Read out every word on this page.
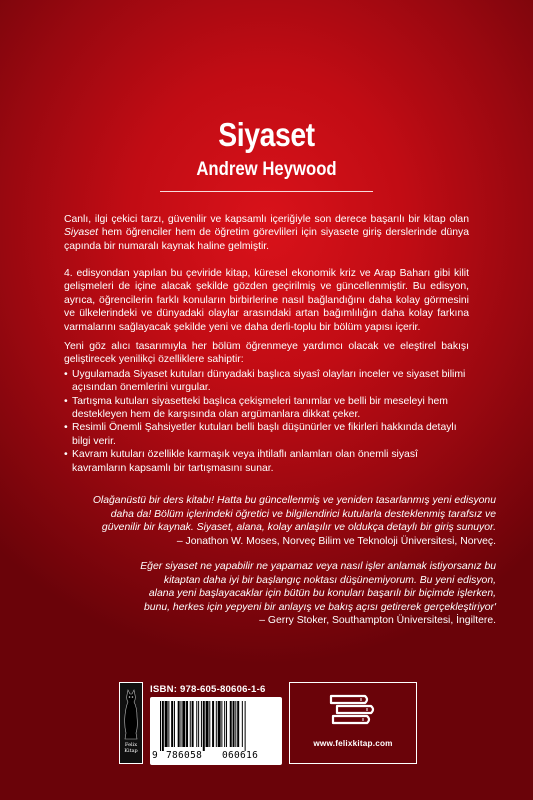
Siyaset
Andrew Heywood

Canlı, ilgi çekici tarzı, güvenilir ve kapsamlı içeriğiyle son derece başarılı bir kitap olan Siyaset hem öğrenciler hem de öğretim görevlileri için siyasete giriş derslerinde dünya çapında bir numaralı kaynak haline gelmiştir.

4. edisyondan yapılan bu çeviride kitap, küresel ekonomik kriz ve Arap Baharı gibi kilit gelişmeleri de içine alacak şekilde gözden geçirilmiş ve güncellenmiştir. Bu edisyon, ayrıca, öğrencilerin farklı konuların birbirlerine nasıl bağlandığını daha kolay görmesini ve ülkelerindeki ve dünyadaki olaylar arasındaki artan bağımlılığın daha kolay farkına varmalarını sağlayacak şekilde yeni ve daha derli-toplu bir bölüm yapısı içerir.

Yeni göz alıcı tasarımıyla her bölüm öğrenmeye yardımcı olacak ve eleştirel bakışı geliştirecek yenilikçi özelliklere sahiptir:

• Uygulamada Siyaset kutuları dünyadaki başlıca siyasî olayları inceler ve siyaset bilimi açısından önemlerini vurgular.
• Tartışma kutuları siyasetteki başlıca çekişmeleri tanımlar ve belli bir meseleyi hem destekleyen hem de karşısında olan argümanlara dikkat çeker.
• Resimli Önemli Şahsiyetler kutuları belli başlı düşünürler ve fikirleri hakkında detaylı bilgi verir.
• Kavram kutuları özellikle karmaşık veya ihtilaflı anlamları olan önemli siyasî kavramların kapsamlı bir tartışmasını sunar.
Olağanüstü bir ders kitabı! Hatta bu güncellenmiş ve yeniden tasarlanmış yeni edisyonu
daha da! Bölüm içlerindeki öğretici ve bilgilendirici kutularla desteklenmiş tarafsız ve
güvenilir bir kaynak. Siyaset, alana, kolay anlaşılır ve oldukça detaylı bir giriş sunuyor.
– Jonathon W. Moses, Norveç Bilim ve Teknoloji Üniversitesi, Norveç.
Eğer siyaset ne yapabilir ne yapamaz veya nasıl işler anlamak istiyorsanız bu
kitaptan daha iyi bir başlangıç noktası düşünemiyorum. Bu yeni edisyon,
alana yeni başlayacaklar için bütün bu konuları başarılı bir biçimde işlerken,
bunu, herkes için yepyeni bir anlayış ve bakış açısı getirerek gerçekleştiriyor'
– Gerry Stoker, Southampton Üniversitesi, İngiltere.
Felix
Kitap
ISBN: 978-605-80606-1-6
9 786058 060616
www.felixkitap.com
